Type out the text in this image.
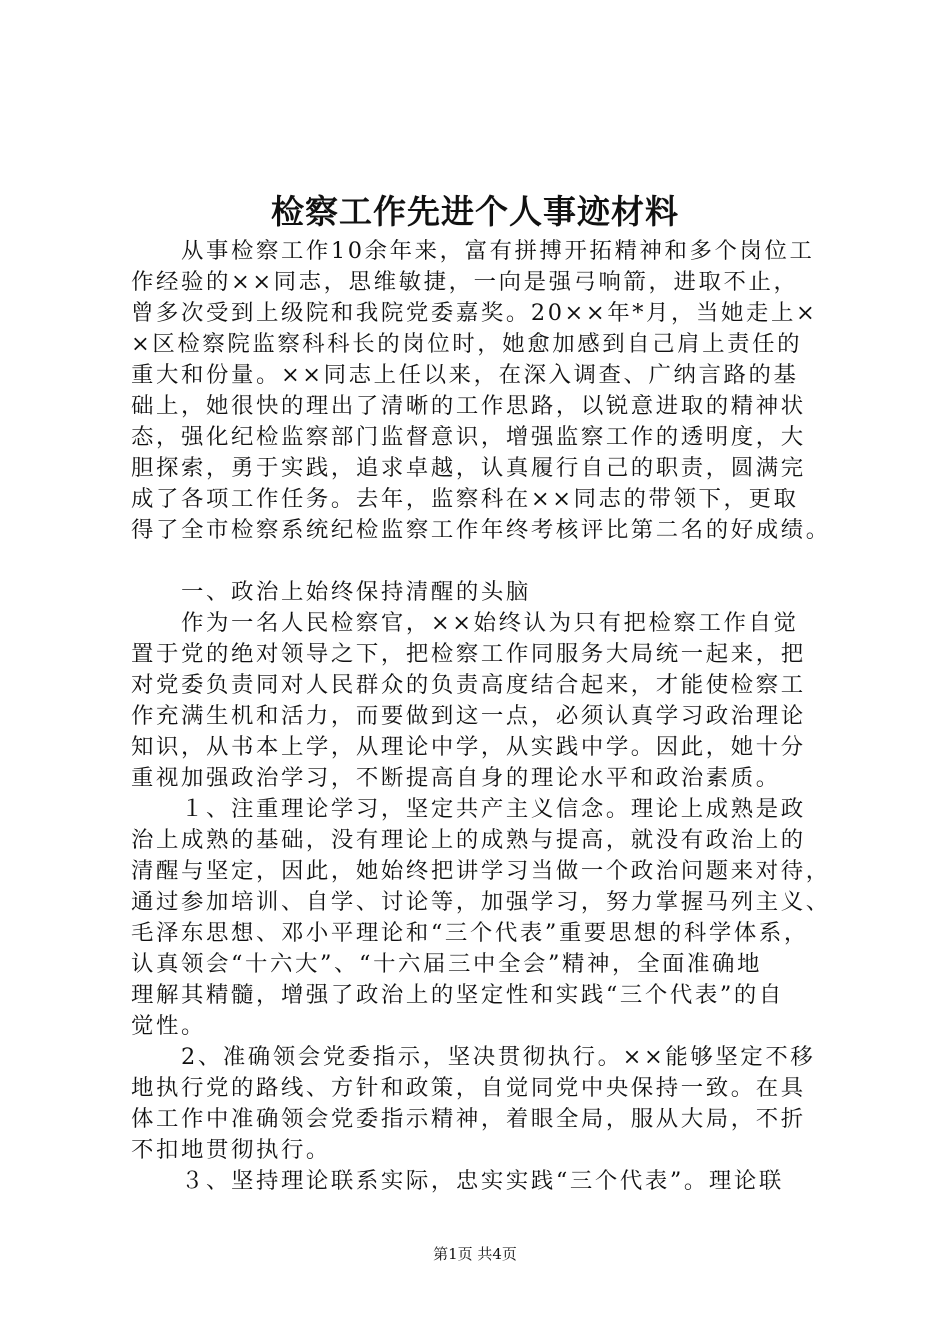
检察工作先进个人事迹材料
　　从事检察工作10余年来，富有拼搏开拓精神和多个岗位工
作经验的××同志，思维敏捷，一向是强弓响箭，进取不止，
曾多次受到上级院和我院党委嘉奖。20××年*月，当她走上×
×区检察院监察科科长的岗位时，她愈加感到自己肩上责任的
重大和份量。××同志上任以来，在深入调查、广纳言路的基
础上，她很快的理出了清晰的工作思路，以锐意进取的精神状
态，强化纪检监察部门监督意识，增强监察工作的透明度，大
胆探索，勇于实践，追求卓越，认真履行自己的职责，圆满完
成了各项工作任务。去年，监察科在××同志的带领下，更取
得了全市检察系统纪检监察工作年终考核评比第二名的好成绩。
　　一、政治上始终保持清醒的头脑
　　作为一名人民检察官，××始终认为只有把检察工作自觉
置于党的绝对领导之下，把检察工作同服务大局统一起来，把
对党委负责同对人民群众的负责高度结合起来，才能使检察工
作充满生机和活力，而要做到这一点，必须认真学习政治理论
知识，从书本上学，从理论中学，从实践中学。因此，她十分
重视加强政治学习，不断提高自身的理论水平和政治素质。
　　１、注重理论学习，坚定共产主义信念。理论上成熟是政
治上成熟的基础，没有理论上的成熟与提高，就没有政治上的
清醒与坚定，因此，她始终把讲学习当做一个政治问题来对待，
通过参加培训、自学、讨论等，加强学习，努力掌握马列主义、
毛泽东思想、邓小平理论和“三个代表”重要思想的科学体系，
认真领会“十六大”、“十六届三中全会”精神，全面准确地
理解其精髓，增强了政治上的坚定性和实践“三个代表”的自
觉性。
　　2、准确领会党委指示，坚决贯彻执行。××能够坚定不移
地执行党的路线、方针和政策，自觉同党中央保持一致。在具
体工作中准确领会党委指示精神，着眼全局，服从大局，不折
不扣地贯彻执行。
　　３、坚持理论联系实际，忠实实践“三个代表”。理论联
第1页 共4页
